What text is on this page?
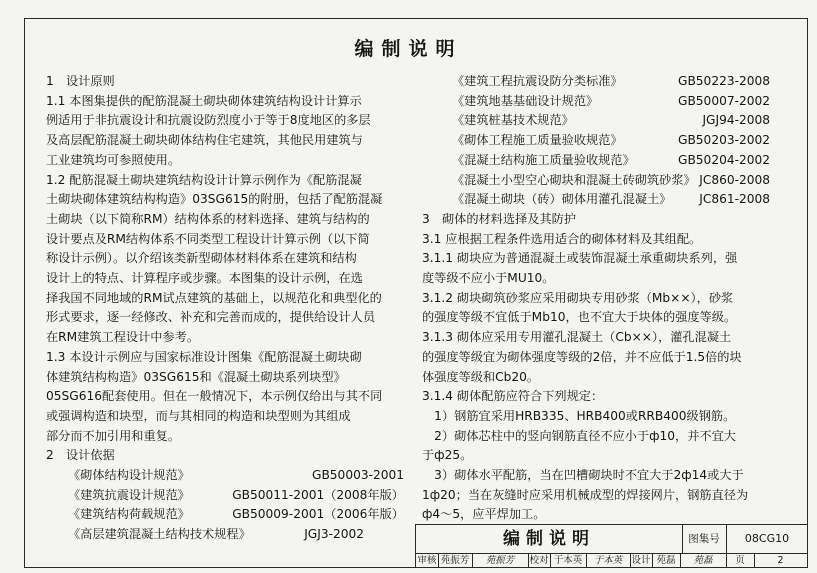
编制说明

1　设计原则

1.1 本图集提供的配筋混凝土砌块砌体建筑结构设计计算示

例适用于非抗震设计和抗震设防烈度小于等于8度地区的多层

及高层配筋混凝土砌块砌体结构住宅建筑，其他民用建筑与

工业建筑均可参照使用。

1.2 配筋混凝土砌块建筑结构设计计算示例作为《配筋混凝

土砌块砌体建筑结构构造》03SG615的附册，包括了配筋混凝

土砌块（以下简称RM）结构体系的材料选择、建筑与结构的

设计要点及RM结构体系不同类型工程设计计算示例（以下简

称设计示例）。以介绍该类新型砌体材料体系在建筑和结构

设计上的特点、计算程序或步骤。本图集的设计示例，在选

择我国不同地域的RM试点建筑的基础上，以规范化和典型化的

形式要求，逐一经修改、补充和完善而成的，提供给设计人员

在RM建筑工程设计中参考。

1.3 本设计示例应与国家标准设计图集《配筋混凝土砌块砌

体建筑结构构造》03SG615和《混凝土砌块系列块型》

05SG616配套使用。但在一般情况下，本示例仅给出与其不同

或强调构造和块型，而与其相同的构造和块型则为其组成

部分而不加引用和重复。

2　设计依据

《砌体结构设计规范》	GB50003-2001
《建筑抗震设计规范》	GB50011-2001（2008年版）
《建筑结构荷载规范》	GB50009-2001（2006年版）
《高层建筑混凝土结构技术规程》	JGJ3-2002
《建筑工程抗震设防分类标准》	GB50223-2008
《建筑地基基础设计规范》	GB50007-2002
《建筑桩基技术规范》	JGJ94-2008
《砌体工程施工质量验收规范》	GB50203-2002
《混凝土结构施工质量验收规范》	GB50204-2002
《混凝土小型空心砌块和混凝土砖砌筑砂浆》 JC860-2008
《混凝土砌块（砖）砌体用灌孔混凝土》 JC861-2008

3　砌体的材料选择及其防护

3.1 应根据工程条件选用适合的砌体材料及其组配。

3.1.1 砌块应为普通混凝土或装饰混凝土承重砌块系列，强

度等级不应小于MU10。

3.1.2 砌块砌筑砂浆应采用砌块专用砂浆（Mb××），砂浆

的强度等级不宜低于Mb10，也不宜大于块体的强度等级。

3.1.3 砌体应采用专用灌孔混凝土（Cb××），灌孔混凝土

的强度等级宜为砌体强度等级的2倍，并不应低于1.5倍的块

体强度等级和Cb20。

3.1.4 砌体配筋应符合下列规定：

　1）钢筋宜采用HRB335、HRB400或RRB400级钢筋。

　2）砌体芯柱中的竖向钢筋直径不应小于ф10，并不宜大

于ф25。

　3）砌体水平配筋，当在凹槽砌块时不宜大于2ф14或大于

1ф20；当在灰缝时应采用机械成型的焊接网片，钢筋直径为

ф4～5，应平焊加工。

编制说明	图集号	08CG10
审核 苑振芳	苑振芳	校对 于本英	于本英 设计 苑磊	苑磊	页	2
